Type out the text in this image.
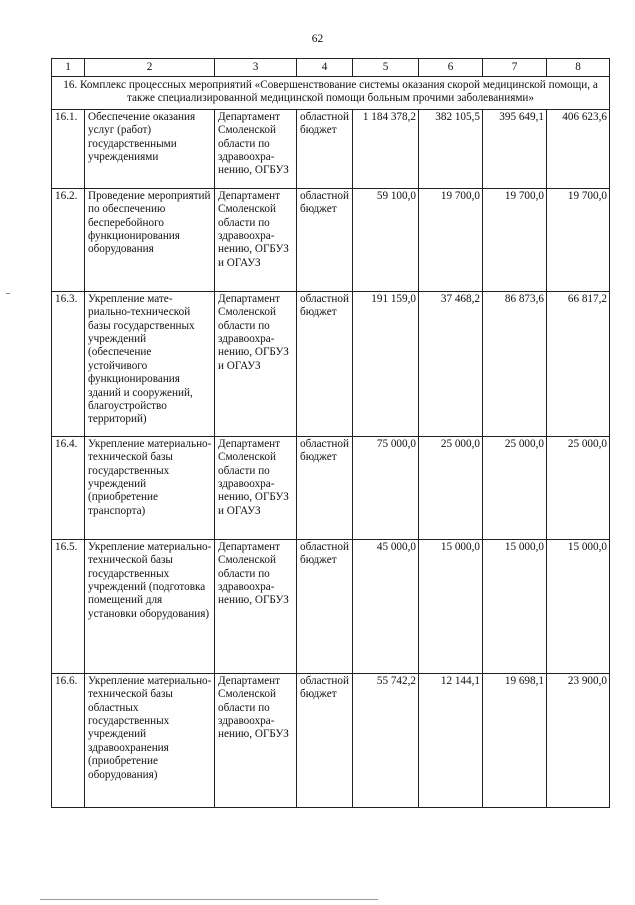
62
1	2	3	4	5	6	7	8
16. Комплекс процессных мероприятий «Совершенствование системы оказания скорой медицинской помощи, а также специализированной медицинской помощи больным прочими заболеваниями»							
16.1.	Обеспечение оказания услуг (работ) государственными учреждениями	Департамент Смоленской области по здравоохра-нению, ОГБУЗ	областной бюджет	1 184 378,2	382 105,5	395 649,1	406 623,6
16.2.	Проведение мероприятий по обеспечению бесперебойного функционирования оборудования	Департамент Смоленской области по здравоохра-нению, ОГБУЗ и ОГАУЗ	областной бюджет	59 100,0	19 700,0	19 700,0	19 700,0
16.3.	Укрепление мате-риально-технической базы государственных учреждений (обеспечение устойчивого функционирования зданий и сооружений, благоустройство территорий)	Департамент Смоленской области по здравоохра-нению, ОГБУЗ и ОГАУЗ	областной бюджет	191 159,0	37 468,2	86 873,6	66 817,2
16.4.	Укрепление материально-технической базы государственных учреждений (приобретение транспорта)	Департамент Смоленской области по здравоохра-нению, ОГБУЗ и ОГАУЗ	областной бюджет	75 000,0	25 000,0	25 000,0	25 000,0
16.5.	Укрепление материально-технической базы государственных учреждений (подготовка помещений для установки оборудования)	Департамент Смоленской области по здравоохра-нению, ОГБУЗ	областной бюджет	45 000,0	15 000,0	15 000,0	15 000,0
16.6.	Укрепление материально-технической базы областных государственных учреждений здравоохранения (приобретение оборудования)	Департамент Смоленской области по здравоохра-нению, ОГБУЗ	областной бюджет	55 742,2	12 144,1	19 698,1	23 900,0
